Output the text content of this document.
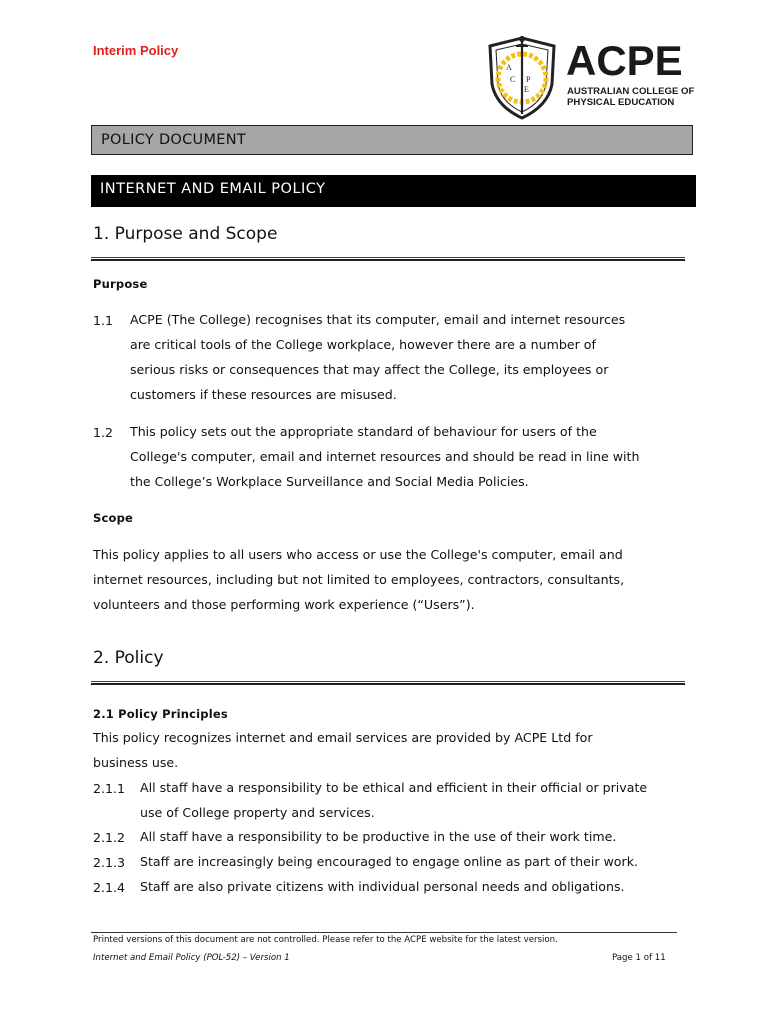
Interim Policy
A
C P
E
ACPE
AUSTRALIAN COLLEGE OF
PHYSICAL EDUCATION
POLICY DOCUMENT
INTERNET AND EMAIL POLICY
1. Purpose and Scope
Purpose
1.1 ACPE (The College) recognises that its computer, email and internet resources
are critical tools of the College workplace, however there are a number of
serious risks or consequences that may affect the College, its employees or
customers if these resources are misused.
1.2 This policy sets out the appropriate standard of behaviour for users of the
College's computer, email and internet resources and should be read in line with
the College’s Workplace Surveillance and Social Media Policies.
Scope
This policy applies to all users who access or use the College's computer, email and
internet resources, including but not limited to employees, contractors, consultants,
volunteers and those performing work experience (“Users”).
2. Policy
2.1 Policy Principles
This policy recognizes internet and email services are provided by ACPE Ltd for
business use.
2.1.1 All staff have a responsibility to be ethical and efficient in their official or private
use of College property and services.
2.1.2 All staff have a responsibility to be productive in the use of their work time.
2.1.3 Staff are increasingly being encouraged to engage online as part of their work.
2.1.4 Staff are also private citizens with individual personal needs and obligations.
Printed versions of this document are not controlled. Please refer to the ACPE website for the latest version.
Internet and Email Policy (POL-52) – Version 1	Page 1 of 11
